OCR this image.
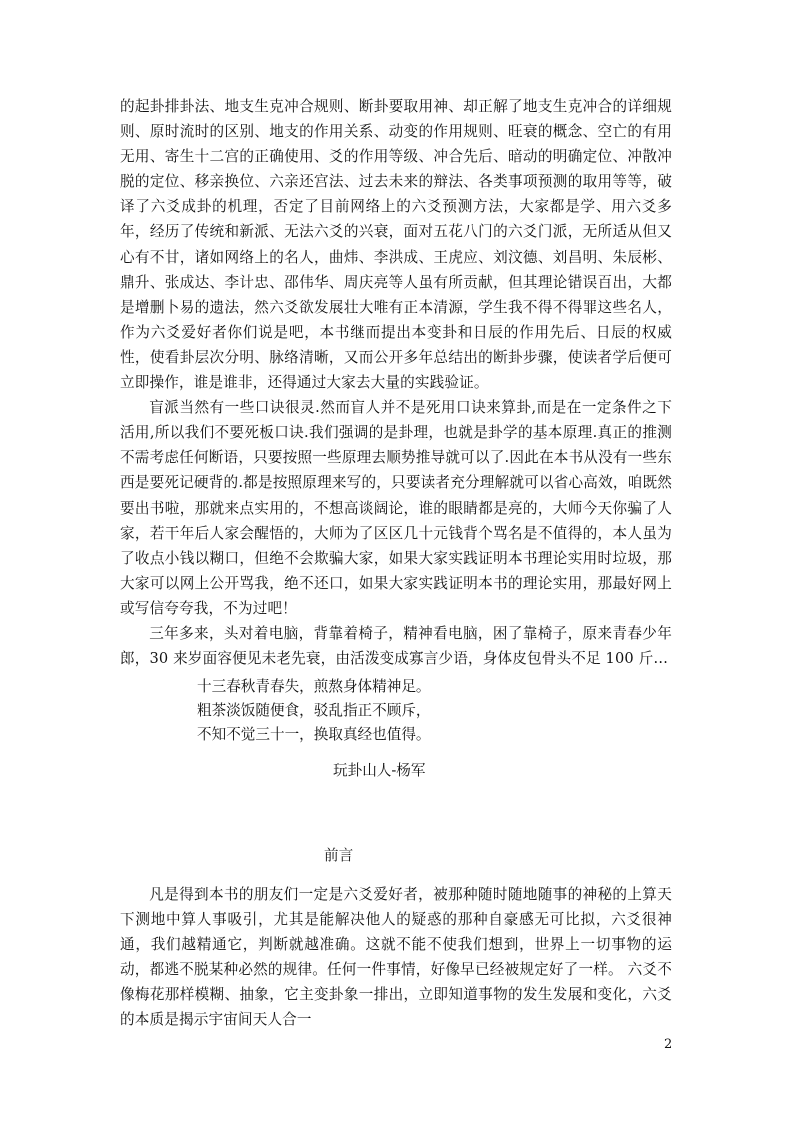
的起卦排卦法、地支生克冲合规则、断卦要取用神、却正解了地支生克冲合的详细规则、原时流时的区别、地支的作用关系、动变的作用规则、旺衰的概念、空亡的有用无用、寄生十二宫的正确使用、爻的作用等级、冲合先后、暗动的明确定位、冲散冲脱的定位、移亲换位、六亲还宫法、过去未来的辩法、各类事项预测的取用等等，破译了六爻成卦的机理，否定了目前网络上的六爻预测方法，大家都是学、用六爻多年，经历了传统和新派、无法六爻的兴衰，面对五花八门的六爻门派，无所适从但又心有不甘，诸如网络上的名人，曲炜、李洪成、王虎应、刘汶德、刘昌明、朱辰彬、鼎升、张成达、李计忠、邵伟华、周庆亮等人虽有所贡献，但其理论错误百出，大都是增删卜易的遗法，然六爻欲发展壮大唯有正本清源，学生我不得不得罪这些名人，作为六爻爱好者你们说是吧，本书继而提出本变卦和日辰的作用先后、日辰的权威性，使看卦层次分明、脉络清晰，又而公开多年总结出的断卦步骤，使读者学后便可立即操作，谁是谁非，还得通过大家去大量的实践验证。

盲派当然有一些口诀很灵.然而盲人并不是死用口诀来算卦,而是在一定条件之下活用,所以我们不要死板口诀.我们强调的是卦理，也就是卦学的基本原理.真正的推测不需考虑任何断语，只要按照一些原理去顺势推导就可以了.因此在本书从没有一些东西是要死记硬背的.都是按照原理来写的，只要读者充分理解就可以省心高效，咱既然要出书啦，那就来点实用的，不想高谈阔论，谁的眼睛都是亮的，大师今天你骗了人家，若干年后人家会醒悟的，大师为了区区几十元钱背个骂名是不值得的，本人虽为了收点小钱以糊口，但绝不会欺骗大家，如果大家实践证明本书理论实用时垃圾，那大家可以网上公开骂我，绝不还口，如果大家实践证明本书的理论实用，那最好网上或写信夸夸我，不为过吧！

三年多来，头对着电脑，背靠着椅子，精神看电脑，困了靠椅子，原来青春少年郎，30 来岁面容便见未老先衰，由活泼变成寡言少语，身体皮包骨头不足 100 斤…

十三春秋青春失，煎熬身体精神足。
粗茶淡饭随便食，驳乱指正不顾斥，
不知不觉三十一，换取真经也值得。
玩卦山人-杨军
前言

凡是得到本书的朋友们一定是六爻爱好者，被那种随时随地随事的神秘的上算天下测地中算人事吸引，尤其是能解决他人的疑惑的那种自豪感无可比拟，六爻很神通，我们越精通它，判断就越准确。这就不能不使我们想到，世界上一切事物的运动，都逃不脱某种必然的规律。任何一件事情，好像早已经被规定好了一样。 六爻不像梅花那样模糊、抽象，它主变卦象一排出，立即知道事物的发生发展和变化，六爻的本质是揭示宇宙间天人合一

2
